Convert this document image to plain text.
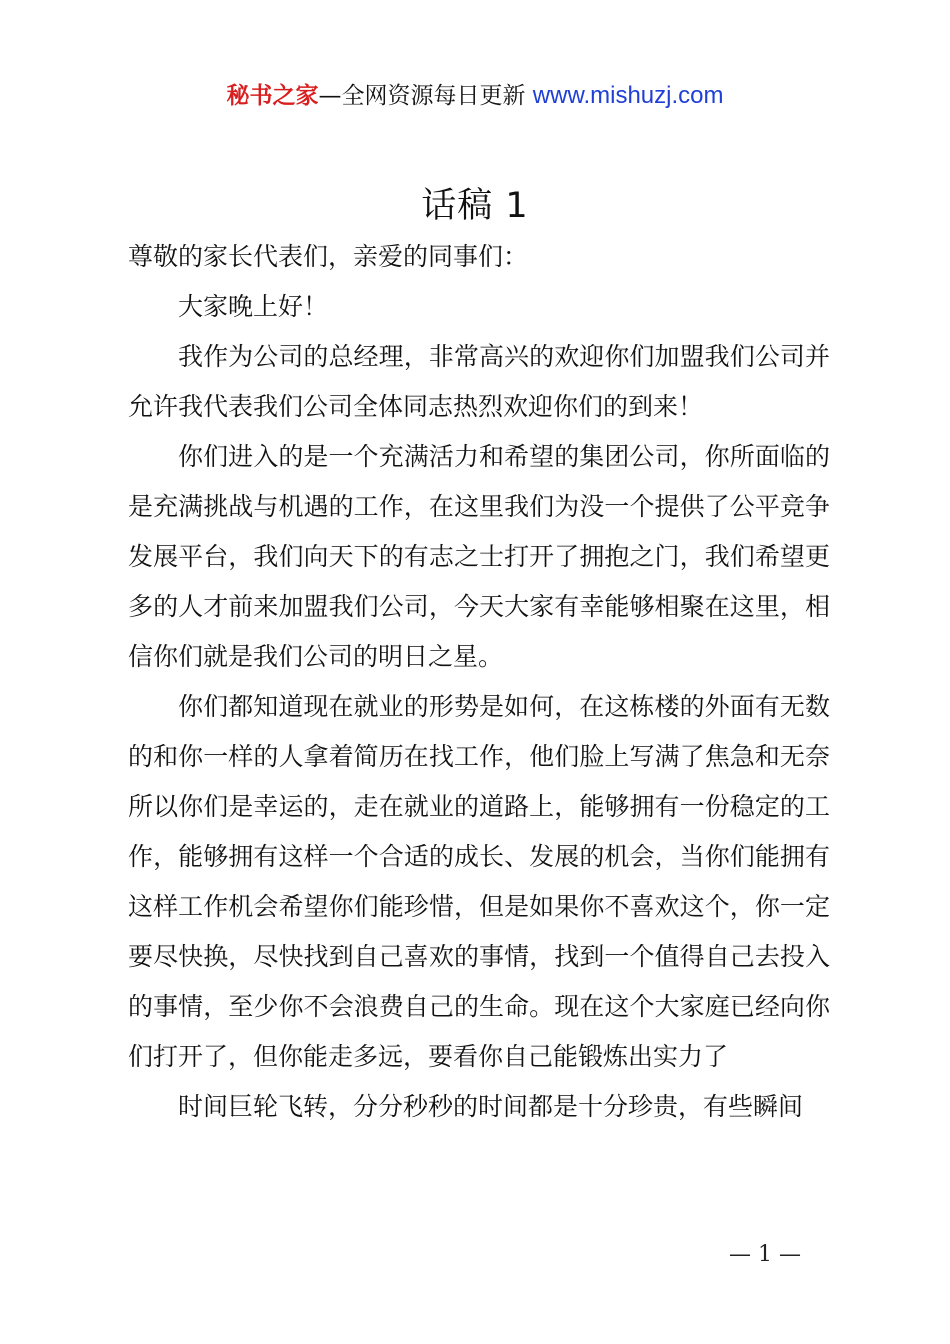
秘书之家—全网资源每日更新 www.mishuzj.com
话稿 1

尊敬的家长代表们，亲爱的同事们：

大家晚上好！

我作为公司的总经理，非常高兴的欢迎你们加盟我们公司并允许我代表我们公司全体同志热烈欢迎你们的到来！

你们进入的是一个充满活力和希望的集团公司，你所面临的是充满挑战与机遇的工作，在这里我们为没一个提供了公平竞争发展平台，我们向天下的有志之士打开了拥抱之门，我们希望更多的人才前来加盟我们公司，今天大家有幸能够相聚在这里，相信你们就是我们公司的明日之星。

你们都知道现在就业的形势是如何，在这栋楼的外面有无数的和你一样的人拿着简历在找工作，他们脸上写满了焦急和无奈所以你们是幸运的，走在就业的道路上，能够拥有一份稳定的工作，能够拥有这样一个合适的成长、发展的机会，当你们能拥有这样工作机会希望你们能珍惜，但是如果你不喜欢这个，你一定要尽快换，尽快找到自己喜欢的事情，找到一个值得自己去投入的事情，至少你不会浪费自己的生命。现在这个大家庭已经向你们打开了，但你能走多远，要看你自己能锻炼出实力了

时间巨轮飞转，分分秒秒的时间都是十分珍贵，有些瞬间

— 1 —
